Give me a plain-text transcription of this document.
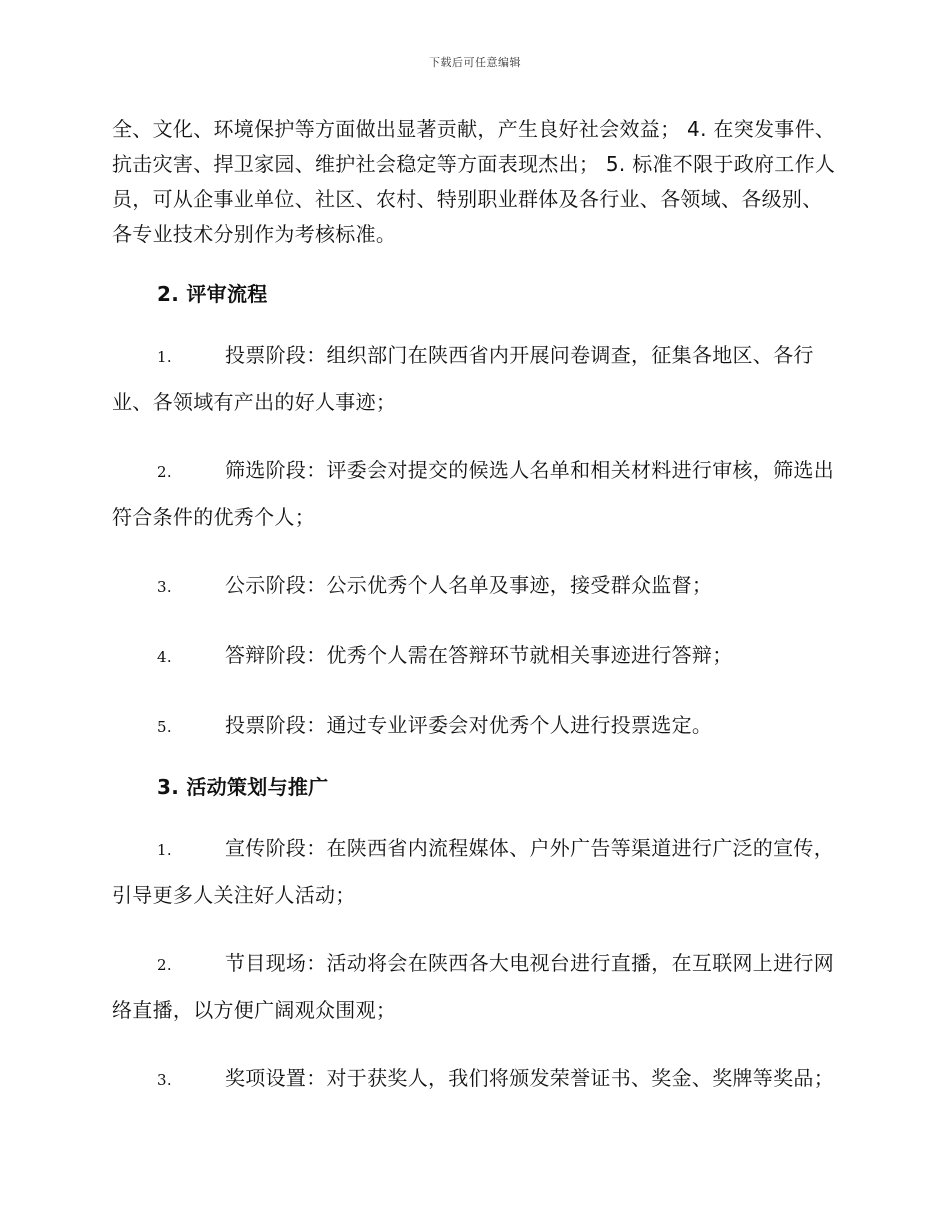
下载后可任意编辑

全、文化、环境保护等方面做出显著贡献，产生良好社会效益； 4. 在突发事件、抗击灾害、捍卫家园、维护社会稳定等方面表现杰出； 5. 标准不限于政府工作人员，可从企事业单位、社区、农村、特别职业群体及各行业、各领域、各级别、各专业技术分别作为考核标准。

2. 评审流程

1.	投票阶段：组织部门在陕西省内开展问卷调查，征集各地区、各行业、各领域有产出的好人事迹；

2.	筛选阶段：评委会对提交的候选人名单和相关材料进行审核，筛选出符合条件的优秀个人；

3.	公示阶段：公示优秀个人名单及事迹，接受群众监督；

4.	答辩阶段：优秀个人需在答辩环节就相关事迹进行答辩；

5.	投票阶段：通过专业评委会对优秀个人进行投票选定。

3. 活动策划与推广

1.	宣传阶段：在陕西省内流程媒体、户外广告等渠道进行广泛的宣传，引导更多人关注好人活动；

2.	节目现场：活动将会在陕西各大电视台进行直播，在互联网上进行网络直播，以方便广阔观众围观；

3.	奖项设置：对于获奖人，我们将颁发荣誉证书、奖金、奖牌等奖品；
